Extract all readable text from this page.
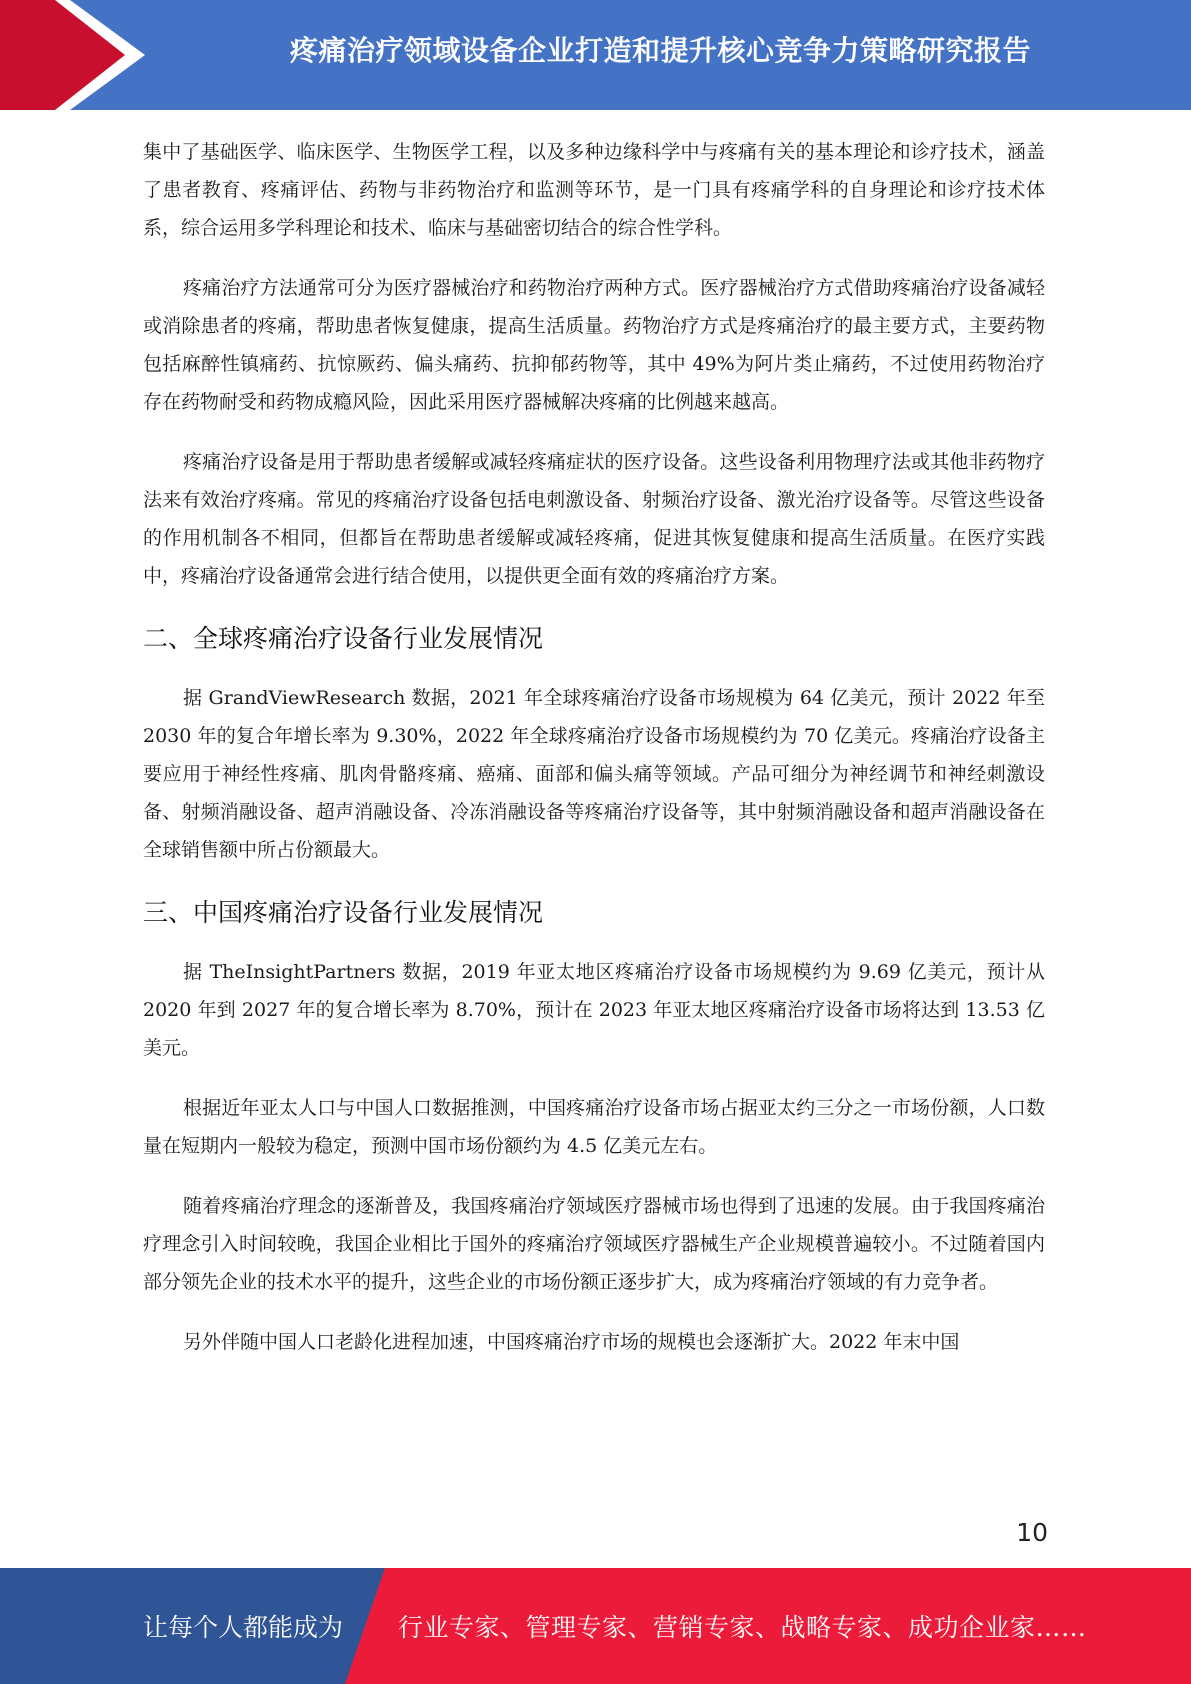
疼痛治疗领域设备企业打造和提升核心竞争力策略研究报告

集中了基础医学、临床医学、生物医学工程，以及多种边缘科学中与疼痛有关的基本理论和诊疗技术，涵盖了患者教育、疼痛评估、药物与非药物治疗和监测等环节，是一门具有疼痛学科的自身理论和诊疗技术体系，综合运用多学科理论和技术、临床与基础密切结合的综合性学科。

疼痛治疗方法通常可分为医疗器械治疗和药物治疗两种方式。医疗器械治疗方式借助疼痛治疗设备减轻或消除患者的疼痛，帮助患者恢复健康，提高生活质量。药物治疗方式是疼痛治疗的最主要方式，主要药物包括麻醉性镇痛药、抗惊厥药、偏头痛药、抗抑郁药物等，其中 49%为阿片类止痛药，不过使用药物治疗存在药物耐受和药物成瘾风险，因此采用医疗器械解决疼痛的比例越来越高。

疼痛治疗设备是用于帮助患者缓解或减轻疼痛症状的医疗设备。这些设备利用物理疗法或其他非药物疗法来有效治疗疼痛。常见的疼痛治疗设备包括电刺激设备、射频治疗设备、激光治疗设备等。尽管这些设备的作用机制各不相同，但都旨在帮助患者缓解或减轻疼痛，促进其恢复健康和提高生活质量。在医疗实践中，疼痛治疗设备通常会进行结合使用，以提供更全面有效的疼痛治疗方案。

二、全球疼痛治疗设备行业发展情况

据 GrandViewResearch 数据，2021 年全球疼痛治疗设备市场规模为 64 亿美元，预计 2022 年至 2030 年的复合年增长率为 9.30%，2022 年全球疼痛治疗设备市场规模约为 70 亿美元。疼痛治疗设备主要应用于神经性疼痛、肌肉骨骼疼痛、癌痛、面部和偏头痛等领域。产品可细分为神经调节和神经刺激设备、射频消融设备、超声消融设备、冷冻消融设备等疼痛治疗设备等，其中射频消融设备和超声消融设备在全球销售额中所占份额最大。

三、中国疼痛治疗设备行业发展情况

据 TheInsightPartners 数据，2019 年亚太地区疼痛治疗设备市场规模约为 9.69 亿美元，预计从 2020 年到 2027 年的复合增长率为 8.70%，预计在 2023 年亚太地区疼痛治疗设备市场将达到 13.53 亿美元。

根据近年亚太人口与中国人口数据推测，中国疼痛治疗设备市场占据亚太约三分之一市场份额，人口数量在短期内一般较为稳定，预测中国市场份额约为 4.5 亿美元左右。

随着疼痛治疗理念的逐渐普及，我国疼痛治疗领域医疗器械市场也得到了迅速的发展。由于我国疼痛治疗理念引入时间较晚，我国企业相比于国外的疼痛治疗领域医疗器械生产企业规模普遍较小。不过随着国内部分领先企业的技术水平的提升，这些企业的市场份额正逐步扩大，成为疼痛治疗领域的有力竞争者。

另外伴随中国人口老龄化进程加速，中国疼痛治疗市场的规模也会逐渐扩大。2022 年末中国

10
让每个人都能成为 行业专家、管理专家、营销专家、战略专家、成功企业家……
